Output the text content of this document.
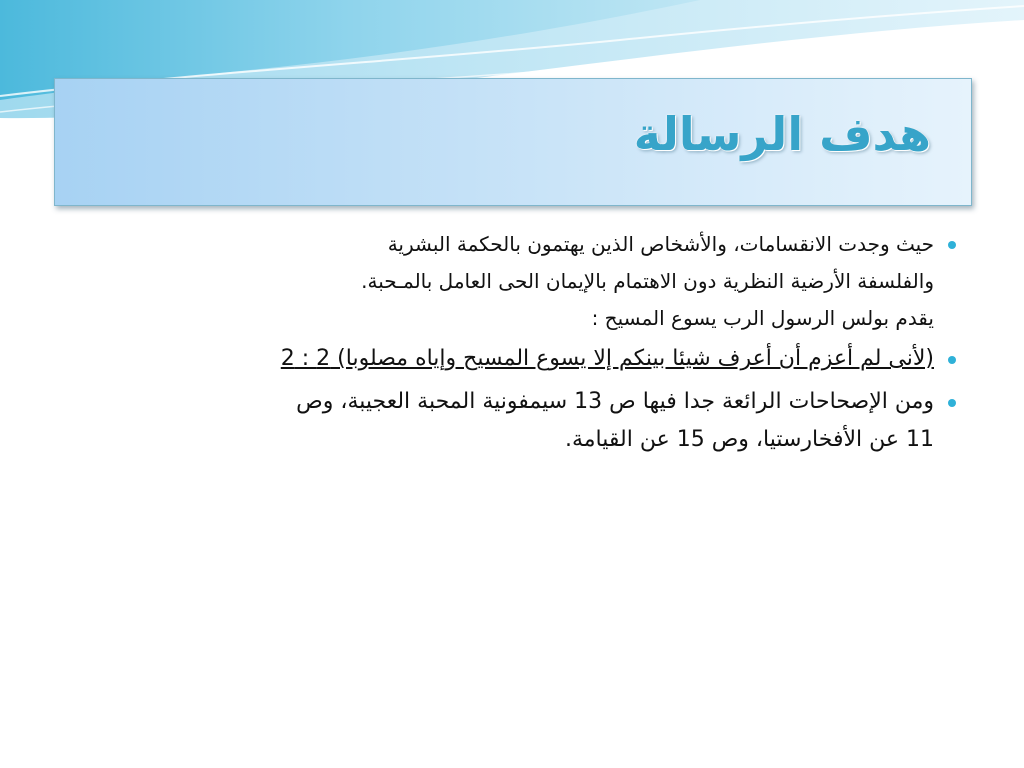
هدف الرسالة
حيث وجدت الانقسامات، والأشخاص الذين يهتمون بالحكمة البشرية
والفلسفة الأرضية النظرية دون الاهتمام بالإيمان الحى العامل بالمـحبة.
يقدم بولس الرسول الرب يسوع المسيح :
(لأنى لم أعزم أن أعرف شيئا بينكم إلا يسوع المسيح وإياه مصلوبا) 2 : 2
ومن الإصحاحات الرائعة جدا فيها ص 13 سيمفونية المحبة العجيبة، وص
11 عن الأفخارستيا، وص 15 عن القيامة.
